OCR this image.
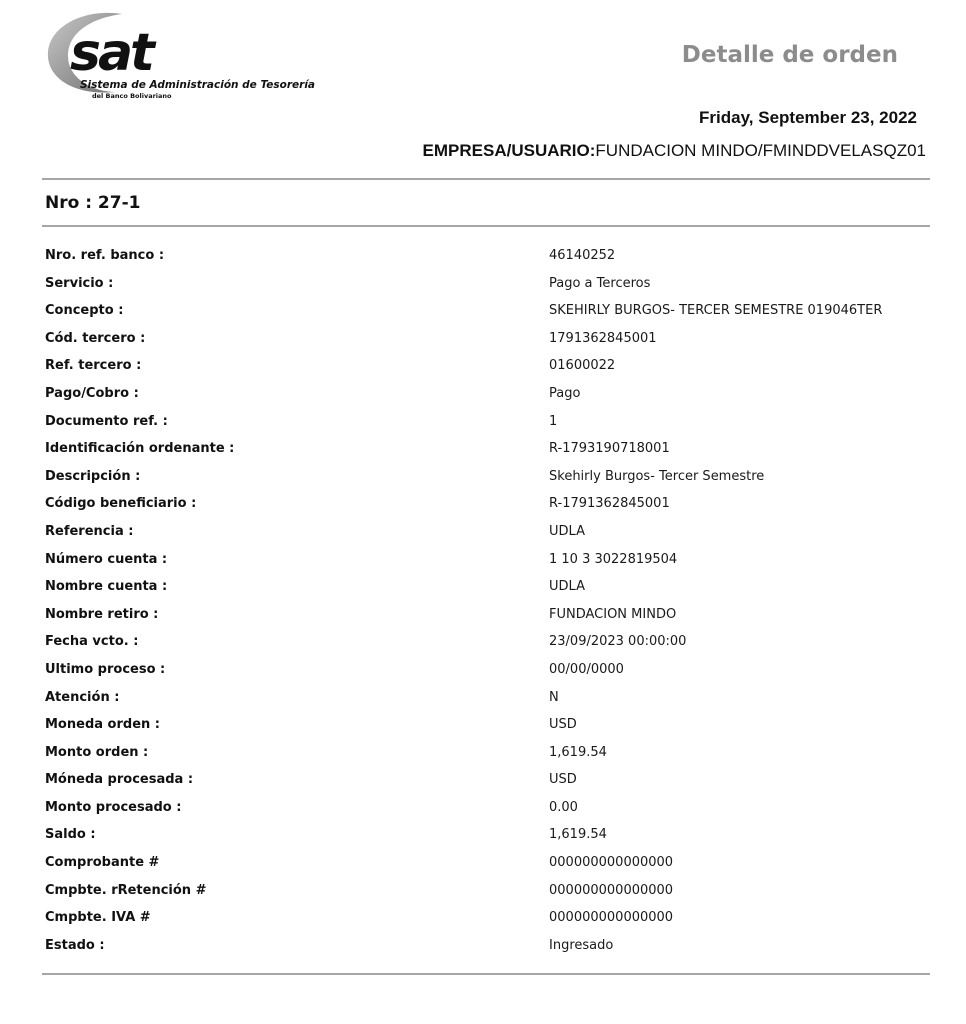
sat
Sistema de Administración de Tesorería
del Banco Bolivariano
Detalle de orden
Friday, September 23, 2022
EMPRESA/USUARIO:FUNDACION MINDO/FMINDDVELASQZ01
Nro : 27-1
Nro. ref. banco :	46140252
Servicio :	Pago a Terceros
Concepto :	SKEHIRLY BURGOS- TERCER SEMESTRE 019046TER
Cód. tercero :	1791362845001
Ref. tercero :	01600022
Pago/Cobro :	Pago
Documento ref. :	1
Identificación ordenante :	R-1793190718001
Descripción :	Skehirly Burgos- Tercer Semestre
Código beneficiario :	R-1791362845001
Referencia :	UDLA
Número cuenta :	1 10 3 3022819504
Nombre cuenta :	UDLA
Nombre retiro :	FUNDACION MINDO
Fecha vcto. :	23/09/2023 00:00:00
Ultimo proceso :	00/00/0000
Atención :	N
Moneda orden :	USD
Monto orden :	1,619.54
Móneda procesada :	USD
Monto procesado :	0.00
Saldo :	1,619.54
Comprobante #	000000000000000
Cmpbte. rRetención #	000000000000000
Cmpbte. IVA #	000000000000000
Estado :	Ingresado
